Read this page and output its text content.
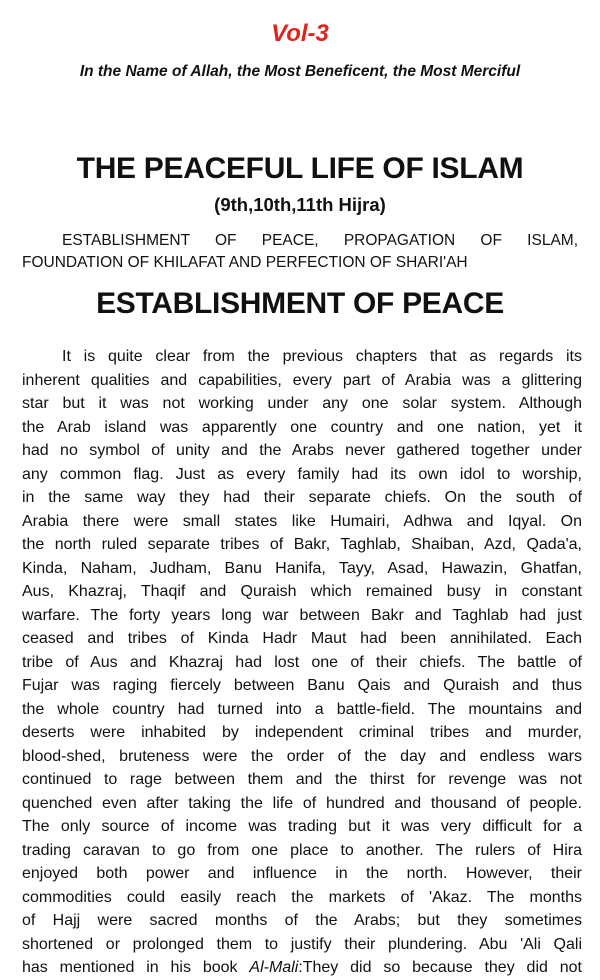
Vol-3
In the Name of Allah, the Most Beneficent, the Most Merciful
THE PEACEFUL LIFE OF ISLAM
(9th,10th,11th Hijra)
ESTABLISHMENT OF PEACE, PROPAGATION OF ISLAM,
FOUNDATION OF KHILAFAT AND PERFECTION OF SHARI'AH
ESTABLISHMENT OF PEACE
It is quite clear from the previous chapters that as regards its
inherent qualities and capabilities, every part of Arabia was a glittering
star but it was not working under any one solar system. Although
the Arab island was apparently one country and one nation, yet it
had no symbol of unity and the Arabs never gathered together under
any common flag. Just as every family had its own idol to worship,
in the same way they had their separate chiefs. On the south of
Arabia there were small states like Humairi, Adhwa and Iqyal. On
the north ruled separate tribes of Bakr, Taghlab, Shaiban, Azd, Qada'a,
Kinda, Naham, Judham, Banu Hanifa, Tayy, Asad, Hawazin, Ghatfan,
Aus, Khazraj, Thaqif and Quraish which remained busy in constant
warfare. The forty years long war between Bakr and Taghlab had just
ceased and tribes of Kinda Hadr Maut had been annihilated. Each
tribe of Aus and Khazraj had lost one of their chiefs. The battle of
Fujar was raging fiercely between Banu Qais and Quraish and thus
the whole country had turned into a battle-field. The mountains and
deserts were inhabited by independent criminal tribes and murder,
blood-shed, bruteness were the order of the day and endless wars
continued to rage between them and the thirst for revenge was not
quenched even after taking the life of hundred and thousand of people.
The only source of income was trading but it was very difficult for a
trading caravan to go from one place to another. The rulers of Hira
enjoyed both power and influence in the north. However, their
commodities could easily reach the markets of 'Akaz. The months
of Hajj were sacred months of the Arabs; but they sometimes
shortened or prolonged them to justify their plundering. Abu 'Ali Qali
has mentioned in his book Al-Mali:They did so because they did not
